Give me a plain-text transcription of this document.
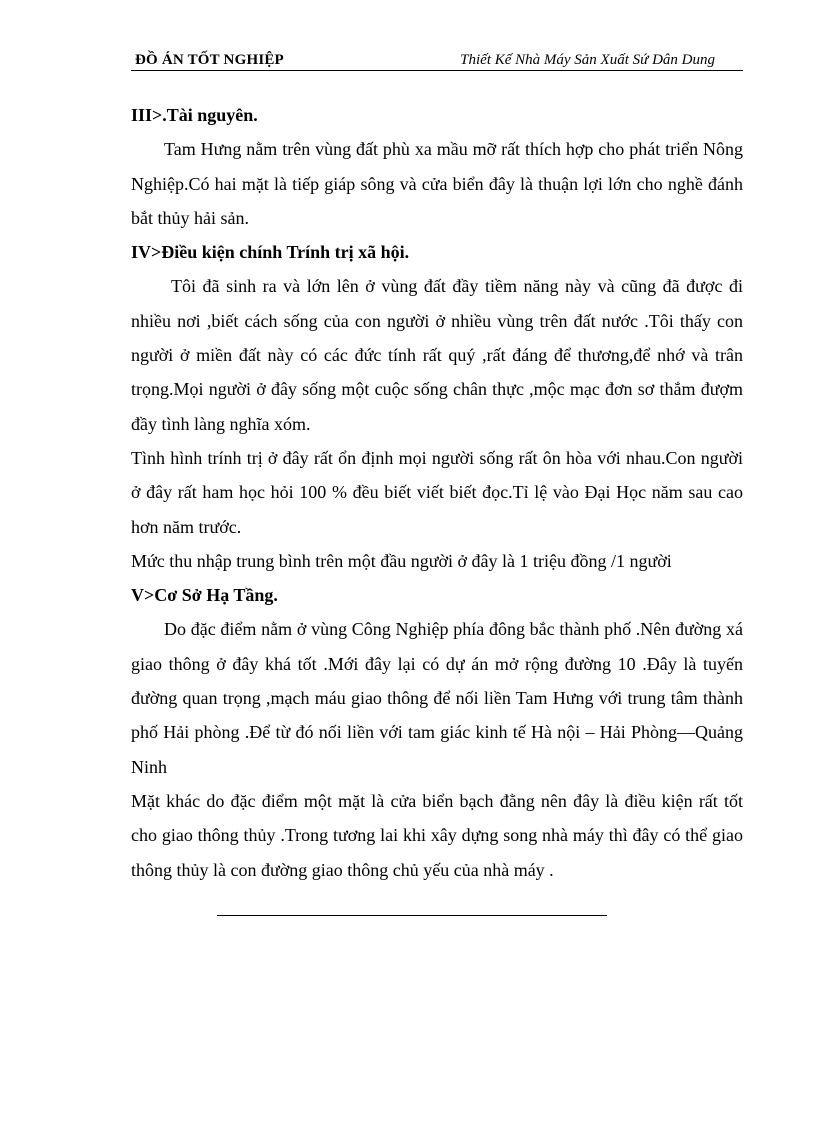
ĐỒ ÁN TỐT NGHIỆP	Thiết Kế Nhà Máy Sản Xuất Sứ Dân Dung

III>.Tài nguyên.

Tam Hưng nằm trên vùng đất phù xa mầu mỡ rất thích hợp cho phát triển Nông Nghiệp.Có hai mặt là tiếp giáp sông và cửa biển đây là thuận lợi lớn cho nghề đánh bắt thủy hải sản.

IV>Điều kiện chính Trính trị xã hội.

Tôi đã sinh ra và lớn lên ở vùng đất đầy tiềm năng này và cũng đã được đi nhiều nơi ,biết cách sống của con người ở nhiều vùng trên đất nước .Tôi thấy con người ở miền đất này có các đức tính rất quý ,rất đáng để thương,để nhớ và trân trọng.Mọi người ở đây sống một cuộc sống chân thực ,mộc mạc đơn sơ thắm đượm đầy tình làng nghĩa xóm.

Tình hình trính trị ở đây rất ổn định mọi người sống rất ôn hòa với nhau.Con người ở đây rất ham học hỏi 100 % đều biết viết biết đọc.Tỉ lệ vào Đại Học năm sau cao hơn năm trước.

Mức thu nhập trung bình trên một đầu người ở đây là 1 triệu đồng /1 người

V>Cơ Sở Hạ Tầng.

Do đặc điểm nằm ở vùng Công Nghiệp phía đông bắc thành phố .Nên đường xá giao thông ở đây khá tốt .Mới đây lại có dự án mở rộng đường 10 .Đây là tuyến đường quan trọng ,mạch máu giao thông để nối liền Tam Hưng với trung tâm thành phố Hải phòng .Để từ đó nối liền với tam giác kinh tế Hà nội – Hải Phòng—Quảng Ninh

Mặt khác do đặc điểm một mặt là cửa biển bạch đằng nên đây là điều kiện rất tốt cho giao thông thủy .Trong tương lai khi xây dựng song nhà máy thì đây có thể giao thông thủy là con đường giao thông chủ yếu của nhà máy .
